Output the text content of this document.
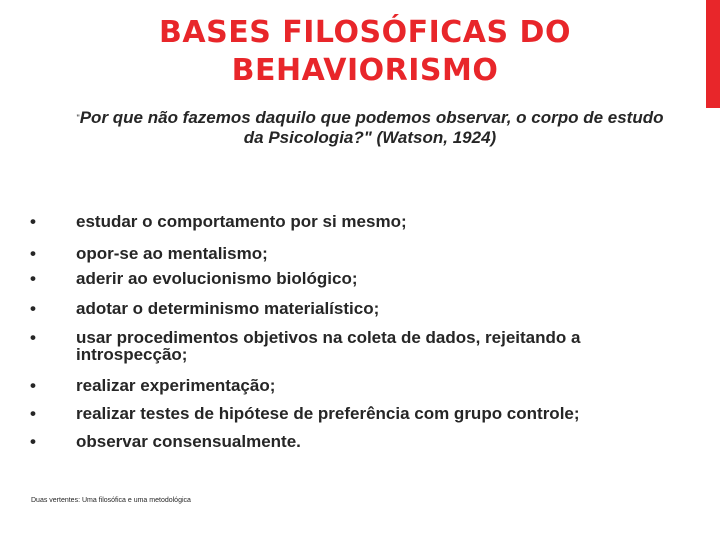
BASES FILOSÓFICAS DO
BEHAVIORISMO
"Por que não fazemos daquilo que podemos observar, o corpo de estudo
da Psicologia?" (Watson, 1924)
•	estudar o comportamento por si mesmo;
•	opor-se ao mentalismo;
•	aderir ao evolucionismo biológico;
•	adotar o determinismo materialístico;
•	usar procedimentos objetivos na coleta de dados, rejeitando a introspecção;
•	realizar experimentação;
•	realizar testes de hipótese de preferência com grupo controle;
•	observar consensualmente.
Duas vertentes: Uma filosófica e uma metodológica
